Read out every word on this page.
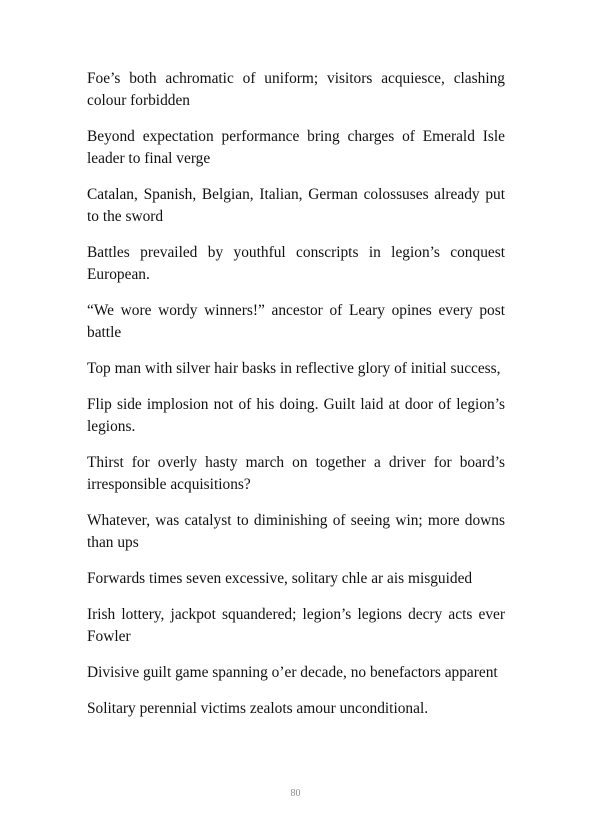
Foe’s both achromatic of uniform; visitors acquiesce, clashing colour forbidden

Beyond expectation performance bring charges of Emerald Isle leader to final verge

Catalan, Spanish, Belgian, Italian, German colossuses already put to the sword

Battles prevailed by youthful conscripts in legion’s conquest European.

“We wore wordy winners!” ancestor of Leary opines every post battle

Top man with silver hair basks in reflective glory of initial success,

Flip side implosion not of his doing. Guilt laid at door of legion’s legions.

Thirst for overly hasty march on together a driver for board’s irresponsible acquisitions?

Whatever, was catalyst to diminishing of seeing win; more downs than ups

Forwards times seven excessive, solitary chle ar ais misguided

Irish lottery, jackpot squandered; legion’s legions decry acts ever Fowler

Divisive guilt game spanning o’er decade, no benefactors apparent

Solitary perennial victims zealots amour unconditional.

80
